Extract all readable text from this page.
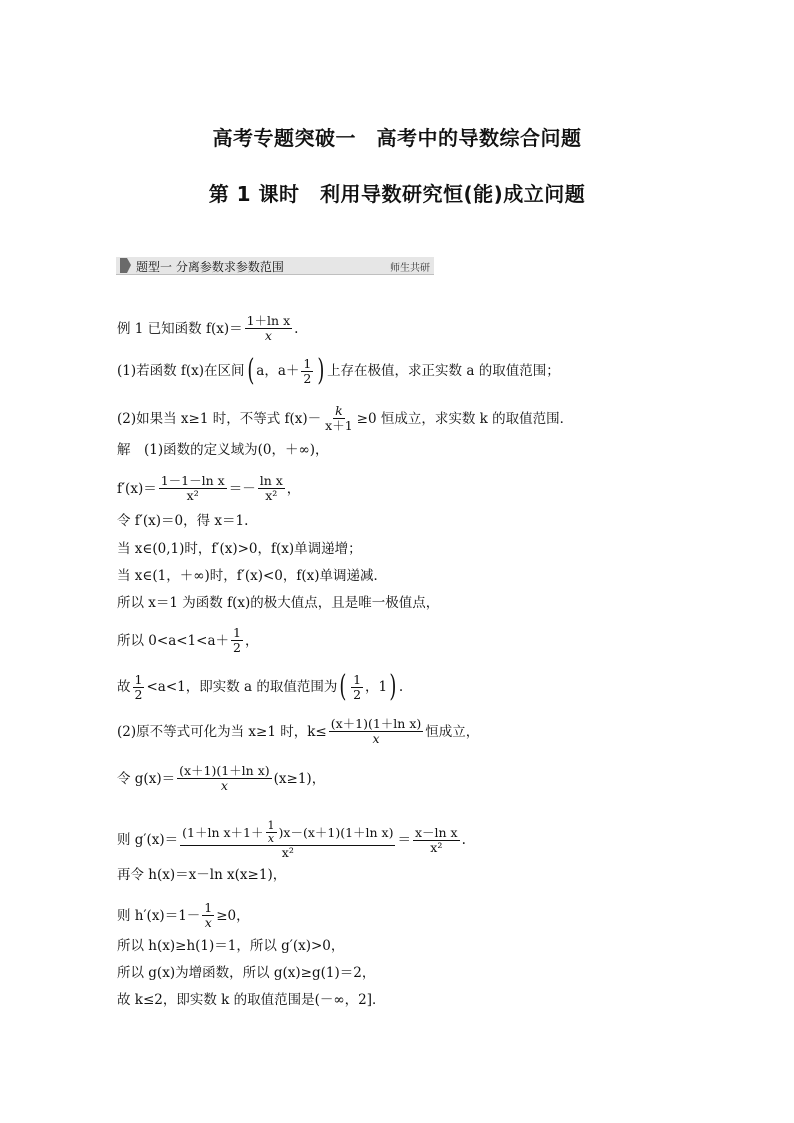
高考专题突破一　高考中的导数综合问题
第 1 课时　利用导数研究恒(能)成立问题
题型一 分离参数求参数范围	师生共研
例 1 已知函数 $f(x)= \frac{\text{1＋ln x}}{x}$ .
(1)若函数 f(x)在区间( a，$a+ \frac{1}{2}$ ) 上存在极值，求正实数 a 的取值范围；
(2)如果当 x≥1 时，不等式 $f(x)- \frac{k}{x+1} \ge 0$ 恒成立，求实数 k 的取值范围．
解　(1)函数的定义域为(0，＋∞)，
$f'(x)= \frac{\text{1－1－ln x}}{\text{x²}} =- \frac{\text{ln x}}{\text{x²}}$ ，
令 f′(x)＝0，得 x＝1.
当 x∈(0,1)时，f′(x)>0，f(x)单调递增；
当 x∈(1，＋∞)时，f′(x)<0，f(x)单调递减．
所以 x＝1 为函数 f(x)的极大值点，且是唯一极值点，
所以 $0<a<1<a+ \frac{1}{2}$ ，
故 $\frac{1}{2} <a<1$，即实数 a 的取值范围为( $\frac{1}{2}$ ，1) .
(2)原不等式可化为当 x≥1 时，$k\le \frac{\text{(x＋1)(1＋ln x)}}{x}$ 恒成立，
令 $g(x)= \frac{\text{(x＋1)(1＋ln x)}}{x} (x\ge 1)$，
则 $g'(x)= \frac{(1+\ln x+1+ \frac{1}{x} )x-(x+1)(1+\ln x)}{\text{x²}} = \frac{\text{x－ln x}}{\text{x²}}$ .
再令 h(x)＝x－ln x(x≥1)，
则 $h'(x)=1- \frac{1}{x} \ge 0$，
所以 h(x)≥h(1)＝1，所以 g′(x)>0，
所以 g(x)为增函数，所以 g(x)≥g(1)＝2，
故 k≤2，即实数 k 的取值范围是(－∞，2]．
